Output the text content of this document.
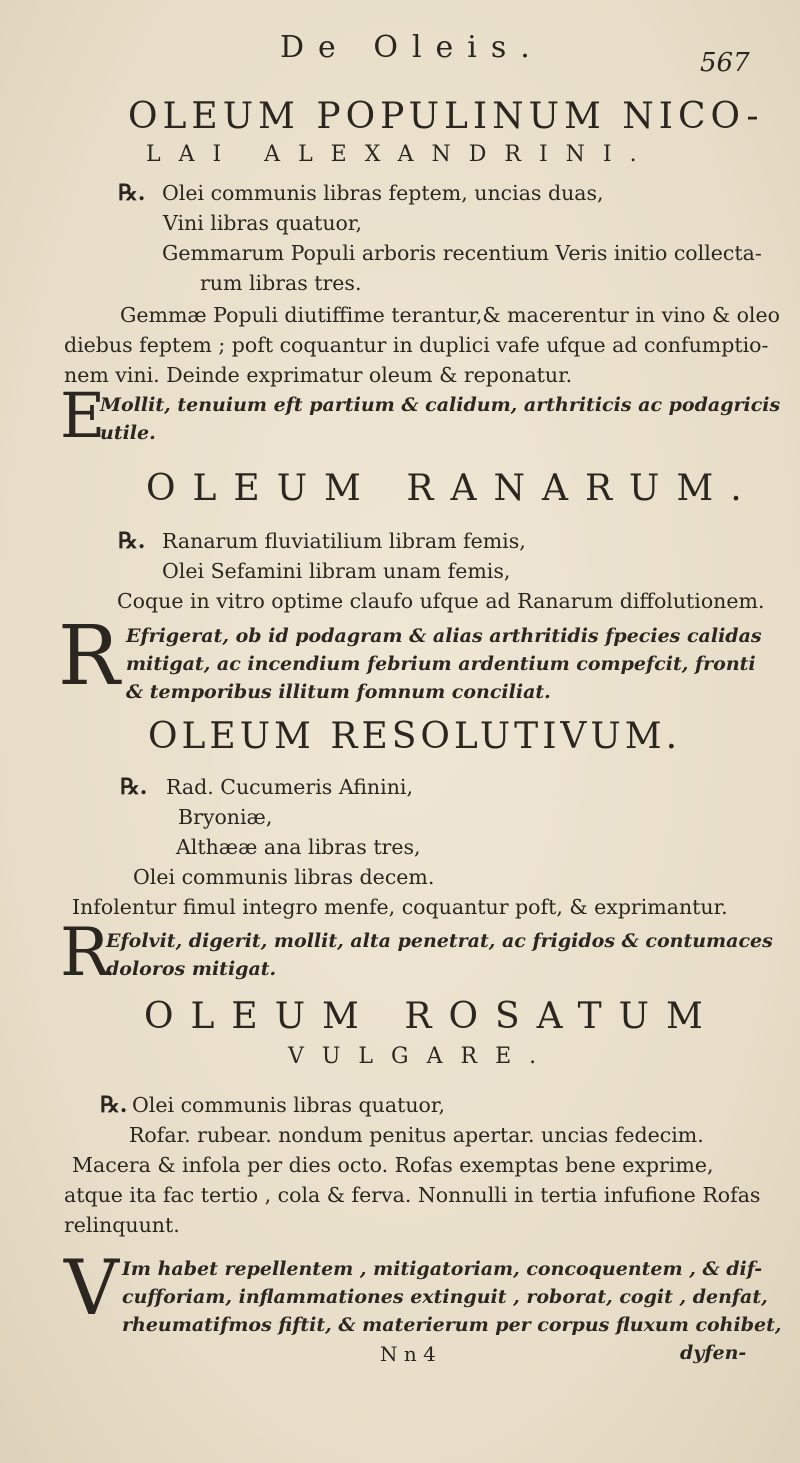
De Oleis.	567
OLEUM POPULINUM NICO-
LAI ALEXANDRINI.
℞. Olei communis libras feptem, uncias duas,
Vini libras quatuor,
Gemmarum Populi arboris recentium Veris initio collecta-
rum libras tres.
Gemmæ Populi diutiffime terantur,& macerentur in vino & oleo
diebus feptem ; poft coquantur in duplici vafe ufque ad confumptio-
nem vini. Deinde exprimatur oleum & reponatur.
E
Mollit, tenuium eft partium & calidum, arthriticis ac podagricis
utile.
OLEUM RANARUM.
℞. Ranarum fluviatilium libram femis,
Olei Sefamini libram unam femis,
Coque in vitro optime claufo ufque ad Ranarum diffolutionem.
R Efrigerat, ob id podagram & alias arthritidis fpecies calidas
mitigat, ac incendium febrium ardentium compefcit, fronti
& temporibus illitum fomnum conciliat.
OLEUM RESOLUTIVUM.
℞. Rad. Cucumeris Afinini,
Bryoniæ,
Althææ ana libras tres,
Olei communis libras decem.
Infolentur fimul integro menfe, coquantur poft, & exprimantur.
R
Efolvit, digerit, mollit, alta penetrat, ac frigidos & contumaces
doloros mitigat.
OLEUM ROSATUM
VULGARE.
℞. Olei communis libras quatuor,
Rofar. rubear. nondum penitus apertar. uncias fedecim.
Macera & infola per dies octo. Rofas exemptas bene exprime,
atque ita fac tertio , cola & ferva. Nonnulli in tertia infufione Rofas
relinquunt.
V Im habet repellentem , mitigatoriam, concoquentem , & dif-
cufforiam, inflammationes extinguit , roborat, cogit , denfat,
rheumatifmos fiftit, & materierum per corpus fluxum cohibet,
N n 4	dyfen-
